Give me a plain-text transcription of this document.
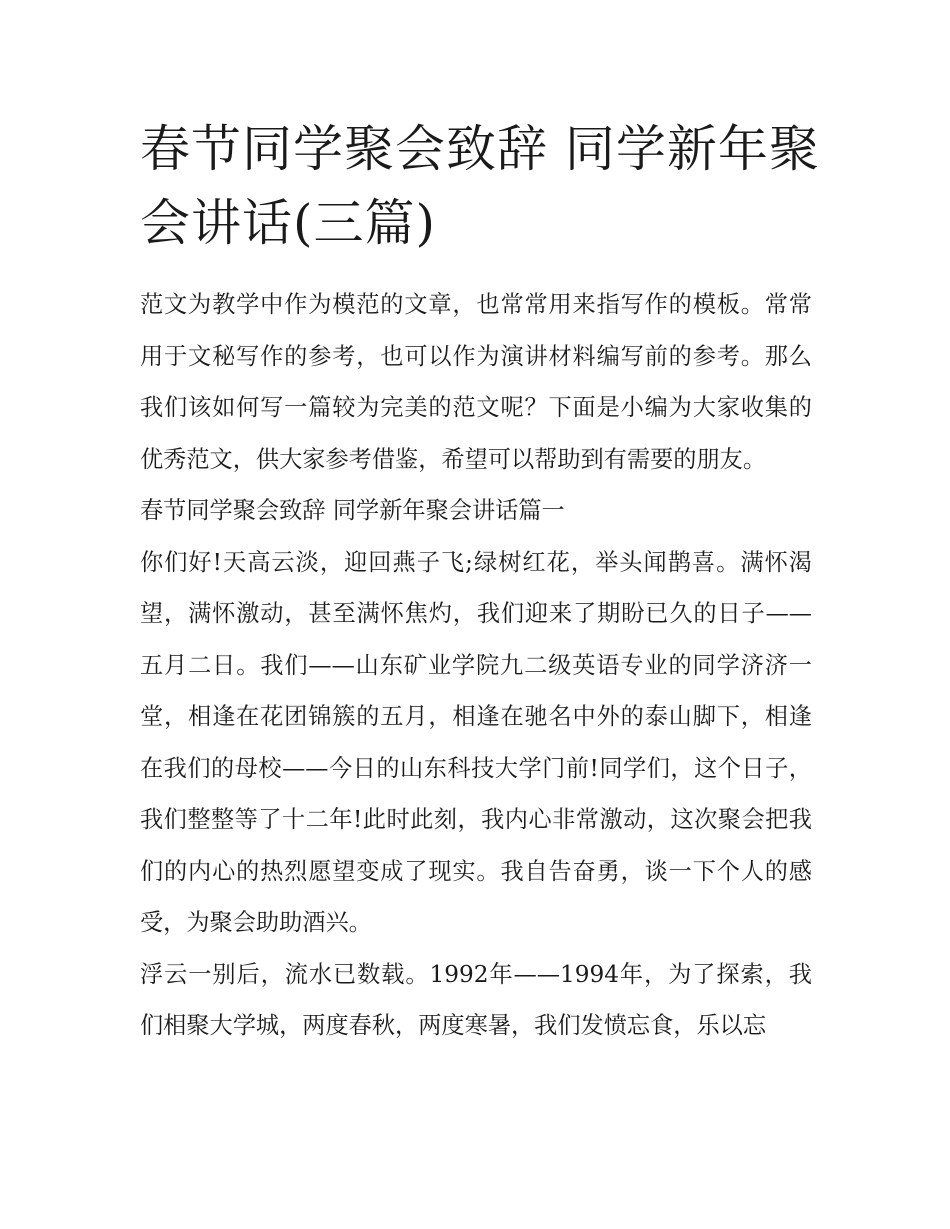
春节同学聚会致辞 同学新年聚会讲话(三篇)

范文为教学中作为模范的文章，也常常用来指写作的模板。常常用于文秘写作的参考，也可以作为演讲材料编写前的参考。那么我们该如何写一篇较为完美的范文呢？下面是小编为大家收集的优秀范文，供大家参考借鉴，希望可以帮助到有需要的朋友。

春节同学聚会致辞 同学新年聚会讲话篇一

你们好!天高云淡，迎回燕子飞;绿树红花，举头闻鹊喜。满怀渴望，满怀激动，甚至满怀焦灼，我们迎来了期盼已久的日子——五月二日。我们——山东矿业学院九二级英语专业的同学济济一堂，相逢在花团锦簇的五月，相逢在驰名中外的泰山脚下，相逢在我们的母校——今日的山东科技大学门前!同学们，这个日子，我们整整等了十二年!此时此刻，我内心非常激动，这次聚会把我们的内心的热烈愿望变成了现实。我自告奋勇，谈一下个人的感受，为聚会助助酒兴。

浮云一别后，流水已数载。1992年——1994年，为了探索，我们相聚大学城，两度春秋，两度寒暑，我们发愤忘食，乐以忘
